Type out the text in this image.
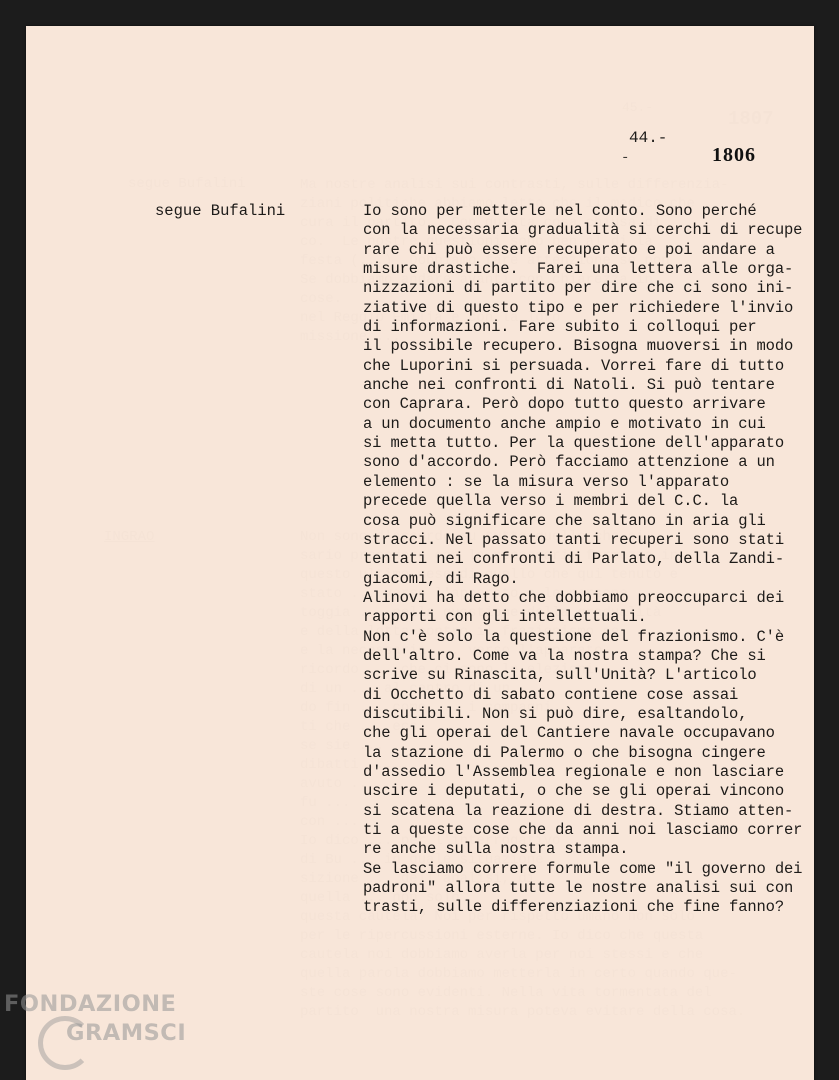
44.-
-	1806
segue Bufalini	Io sono per metterle nel conto. Sono perché
con la necessaria gradualità si cerchi di recupe
rare chi può essere recuperato e poi andare a
misure drastiche.  Farei una lettera alle orga-
nizzazioni di partito per dire che ci sono ini-
ziative di questo tipo e per richiedere l'invio
di informazioni. Fare subito i colloqui per
il possibile recupero. Bisogna muoversi in modo
che Luporini si persuada. Vorrei fare di tutto
anche nei confronti di Natoli. Si può tentare
con Caprara. Però dopo tutto questo arrivare
a un documento anche ampio e motivato in cui
si metta tutto. Per la questione dell'apparato
sono d'accordo. Però facciamo attenzione a un
elemento : se la misura verso l'apparato
precede quella verso i membri del C.C. la
cosa può significare che saltano in aria gli
stracci. Nel passato tanti recuperi sono stati
tentati nei confronti di Parlato, della Zandi-
giacomi, di Rago.
Alinovi ha detto che dobbiamo preoccuparci dei
rapporti con gli intellettuali.
Non c'è solo la questione del frazionismo. C'è
dell'altro. Come va la nostra stampa? Che si
scrive su Rinascita, sull'Unità? L'articolo
di Occhetto di sabato contiene cose assai
discutibili. Non si può dire, esaltandolo,
che gli operai del Cantiere navale occupavano
la stazione di Palermo o che bisogna cingere
d'assedio l'Assemblea regionale e non lasciare
uscire i deputati, o che se gli operai vincono
si scatena la reazione di destra. Stiamo atten-
ti a queste cose che da anni noi lasciamo correr
re anche sulla nostra stampa.
Se lasciamo correre formule come "il governo dei
padroni" allora tutte le nostre analisi sui con
trasti, sulle differenziazioni che fine fanno?
FONDAZIONE
GRAMSCI
